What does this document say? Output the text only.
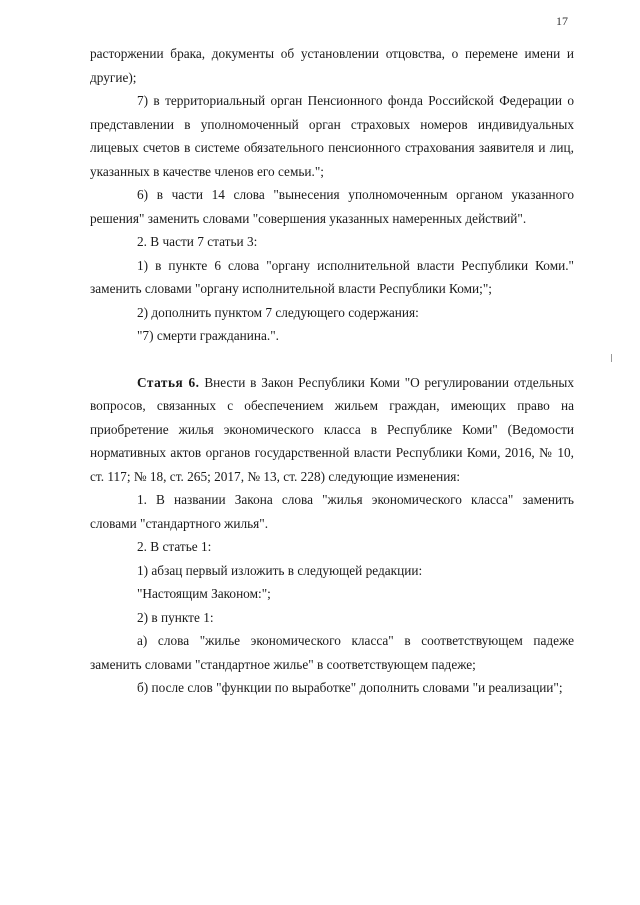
17

расторжении брака, документы об установлении отцовства, о перемене имени и другие);

7) в территориальный орган Пенсионного фонда Российской Федерации о представлении в уполномоченный орган страховых номеров индивидуальных лицевых счетов в системе обязательного пенсионного страхования заявителя и лиц, указанных в качестве членов его семьи.";

6) в части 14 слова "вынесения уполномоченным органом указанного решения" заменить словами "совершения указанных намеренных действий".

2. В части 7 статьи 3:

1) в пункте 6 слова "органу исполнительной власти Республики Коми." заменить словами "органу исполнительной власти Республики Коми;";

2) дополнить пунктом 7 следующего содержания:

"7) смерти гражданина.".

Статья 6. Внести в Закон Республики Коми "О регулировании отдельных вопросов, связанных с обеспечением жильем граждан, имеющих право на приобретение жилья экономического класса в Республике Коми" (Ведомости нормативных актов органов государственной власти Республики Коми, 2016, № 10, ст. 117; № 18, ст. 265; 2017, № 13, ст. 228) следующие изменения:

1. В названии Закона слова "жилья экономического класса" заменить словами "стандартного жилья".

2. В статье 1:

1) абзац первый изложить в следующей редакции:

"Настоящим Законом:";

2) в пункте 1:

а) слова "жилье экономического класса" в соответствующем падеже заменить словами "стандартное жилье" в соответствующем падеже;

б) после слов "функции по выработке" дополнить словами "и реализации";
